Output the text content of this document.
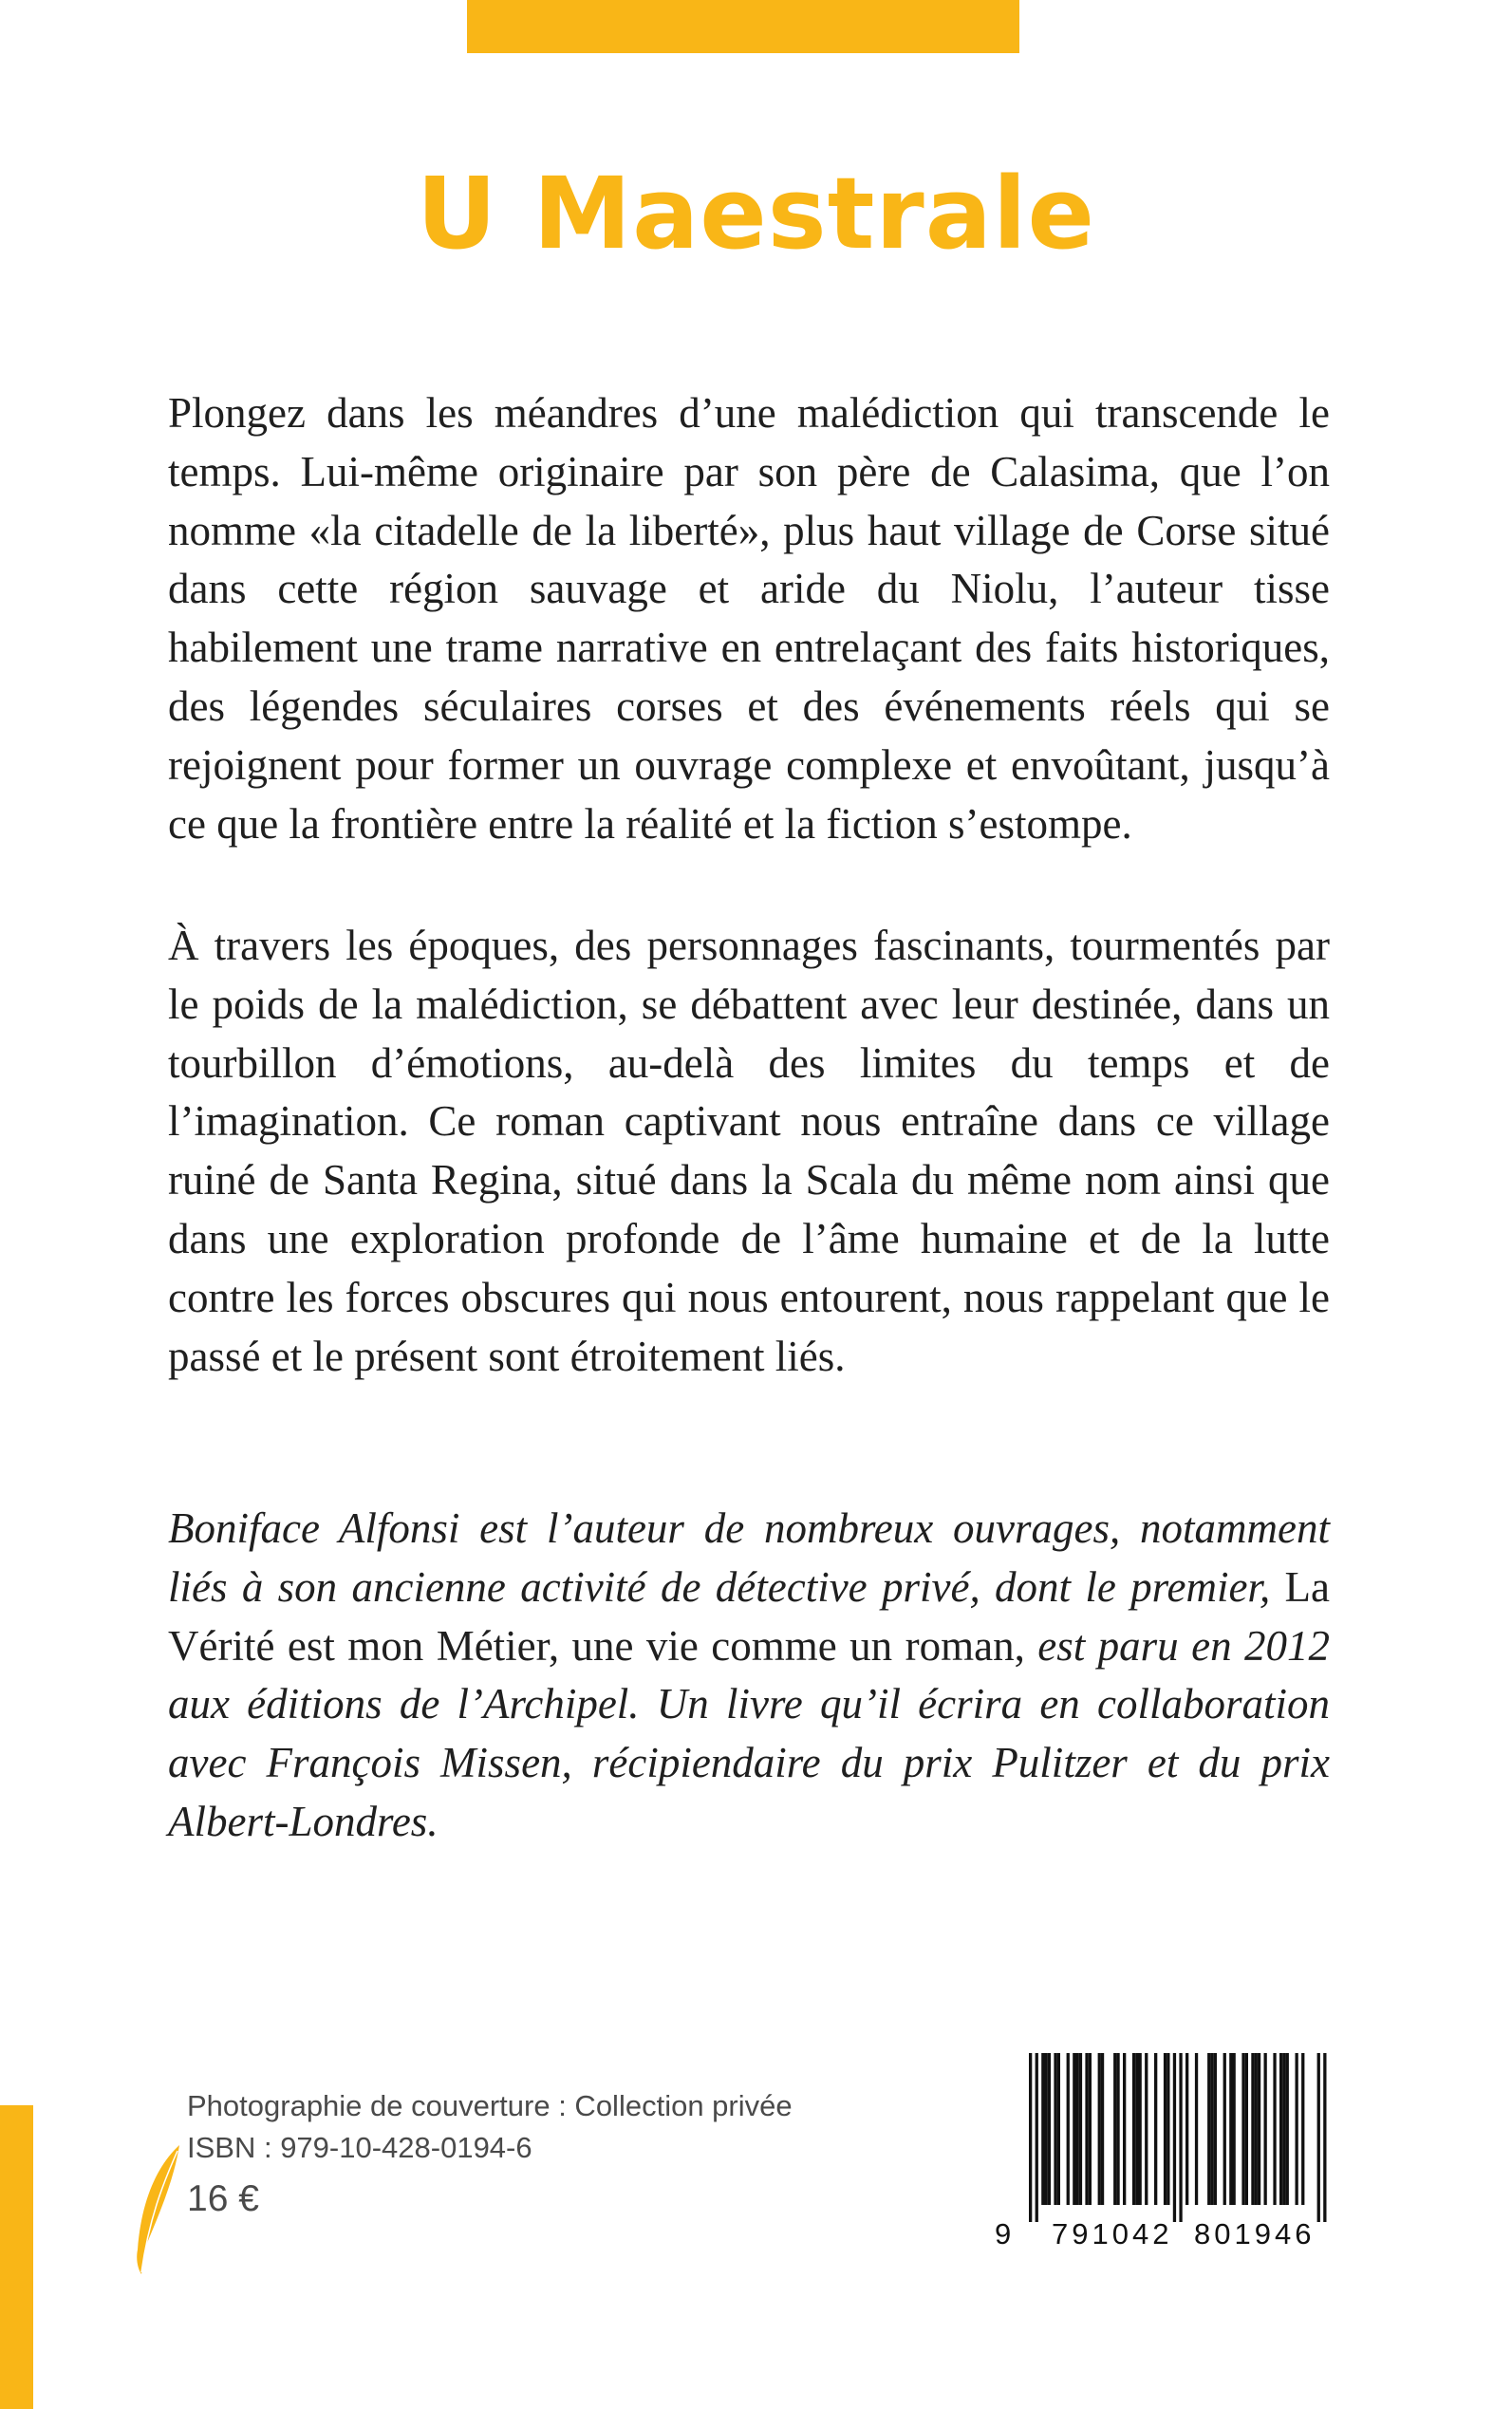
U Maestrale

Plongez dans les méandres d’une malédiction qui transcende le temps. Lui-même originaire par son père de Calasima, que l’on nomme «la citadelle de la liberté», plus haut village de Corse situé dans cette région sauvage et aride du Niolu, l’auteur tisse habilement une trame narrative en entrelaçant des faits historiques, des légendes séculaires corses et des événements réels qui se rejoignent pour former un ouvrage complexe et envoûtant, jusqu’à ce que la frontière entre la réalité et la fiction s’estompe.

À travers les époques, des personnages fascinants, tourmentés par le poids de la malédiction, se débattent avec leur destinée, dans un tourbillon d’émotions, au-delà des limites du temps et de l’imagination. Ce roman captivant nous entraîne dans ce village ruiné de Santa Regina, situé dans la Scala du même nom ainsi que dans une exploration profonde de l’âme humaine et de la lutte contre les forces obscures qui nous entourent, nous rappelant que le passé et le présent sont étroitement liés.

Boniface Alfonsi est l’auteur de nombreux ouvrages, notamment liés à son ancienne activité de détective privé, dont le premier, La Vérité est mon Métier, une vie comme un roman, est paru en 2012 aux éditions de l’Archipel. Un livre qu’il écrira en collaboration avec François Missen, récipiendaire du prix Pulitzer et du prix Albert-Londres.

Photographie de couverture : Collection privée
ISBN : 979-10-428-0194-6
16 €
9 791042 801946
